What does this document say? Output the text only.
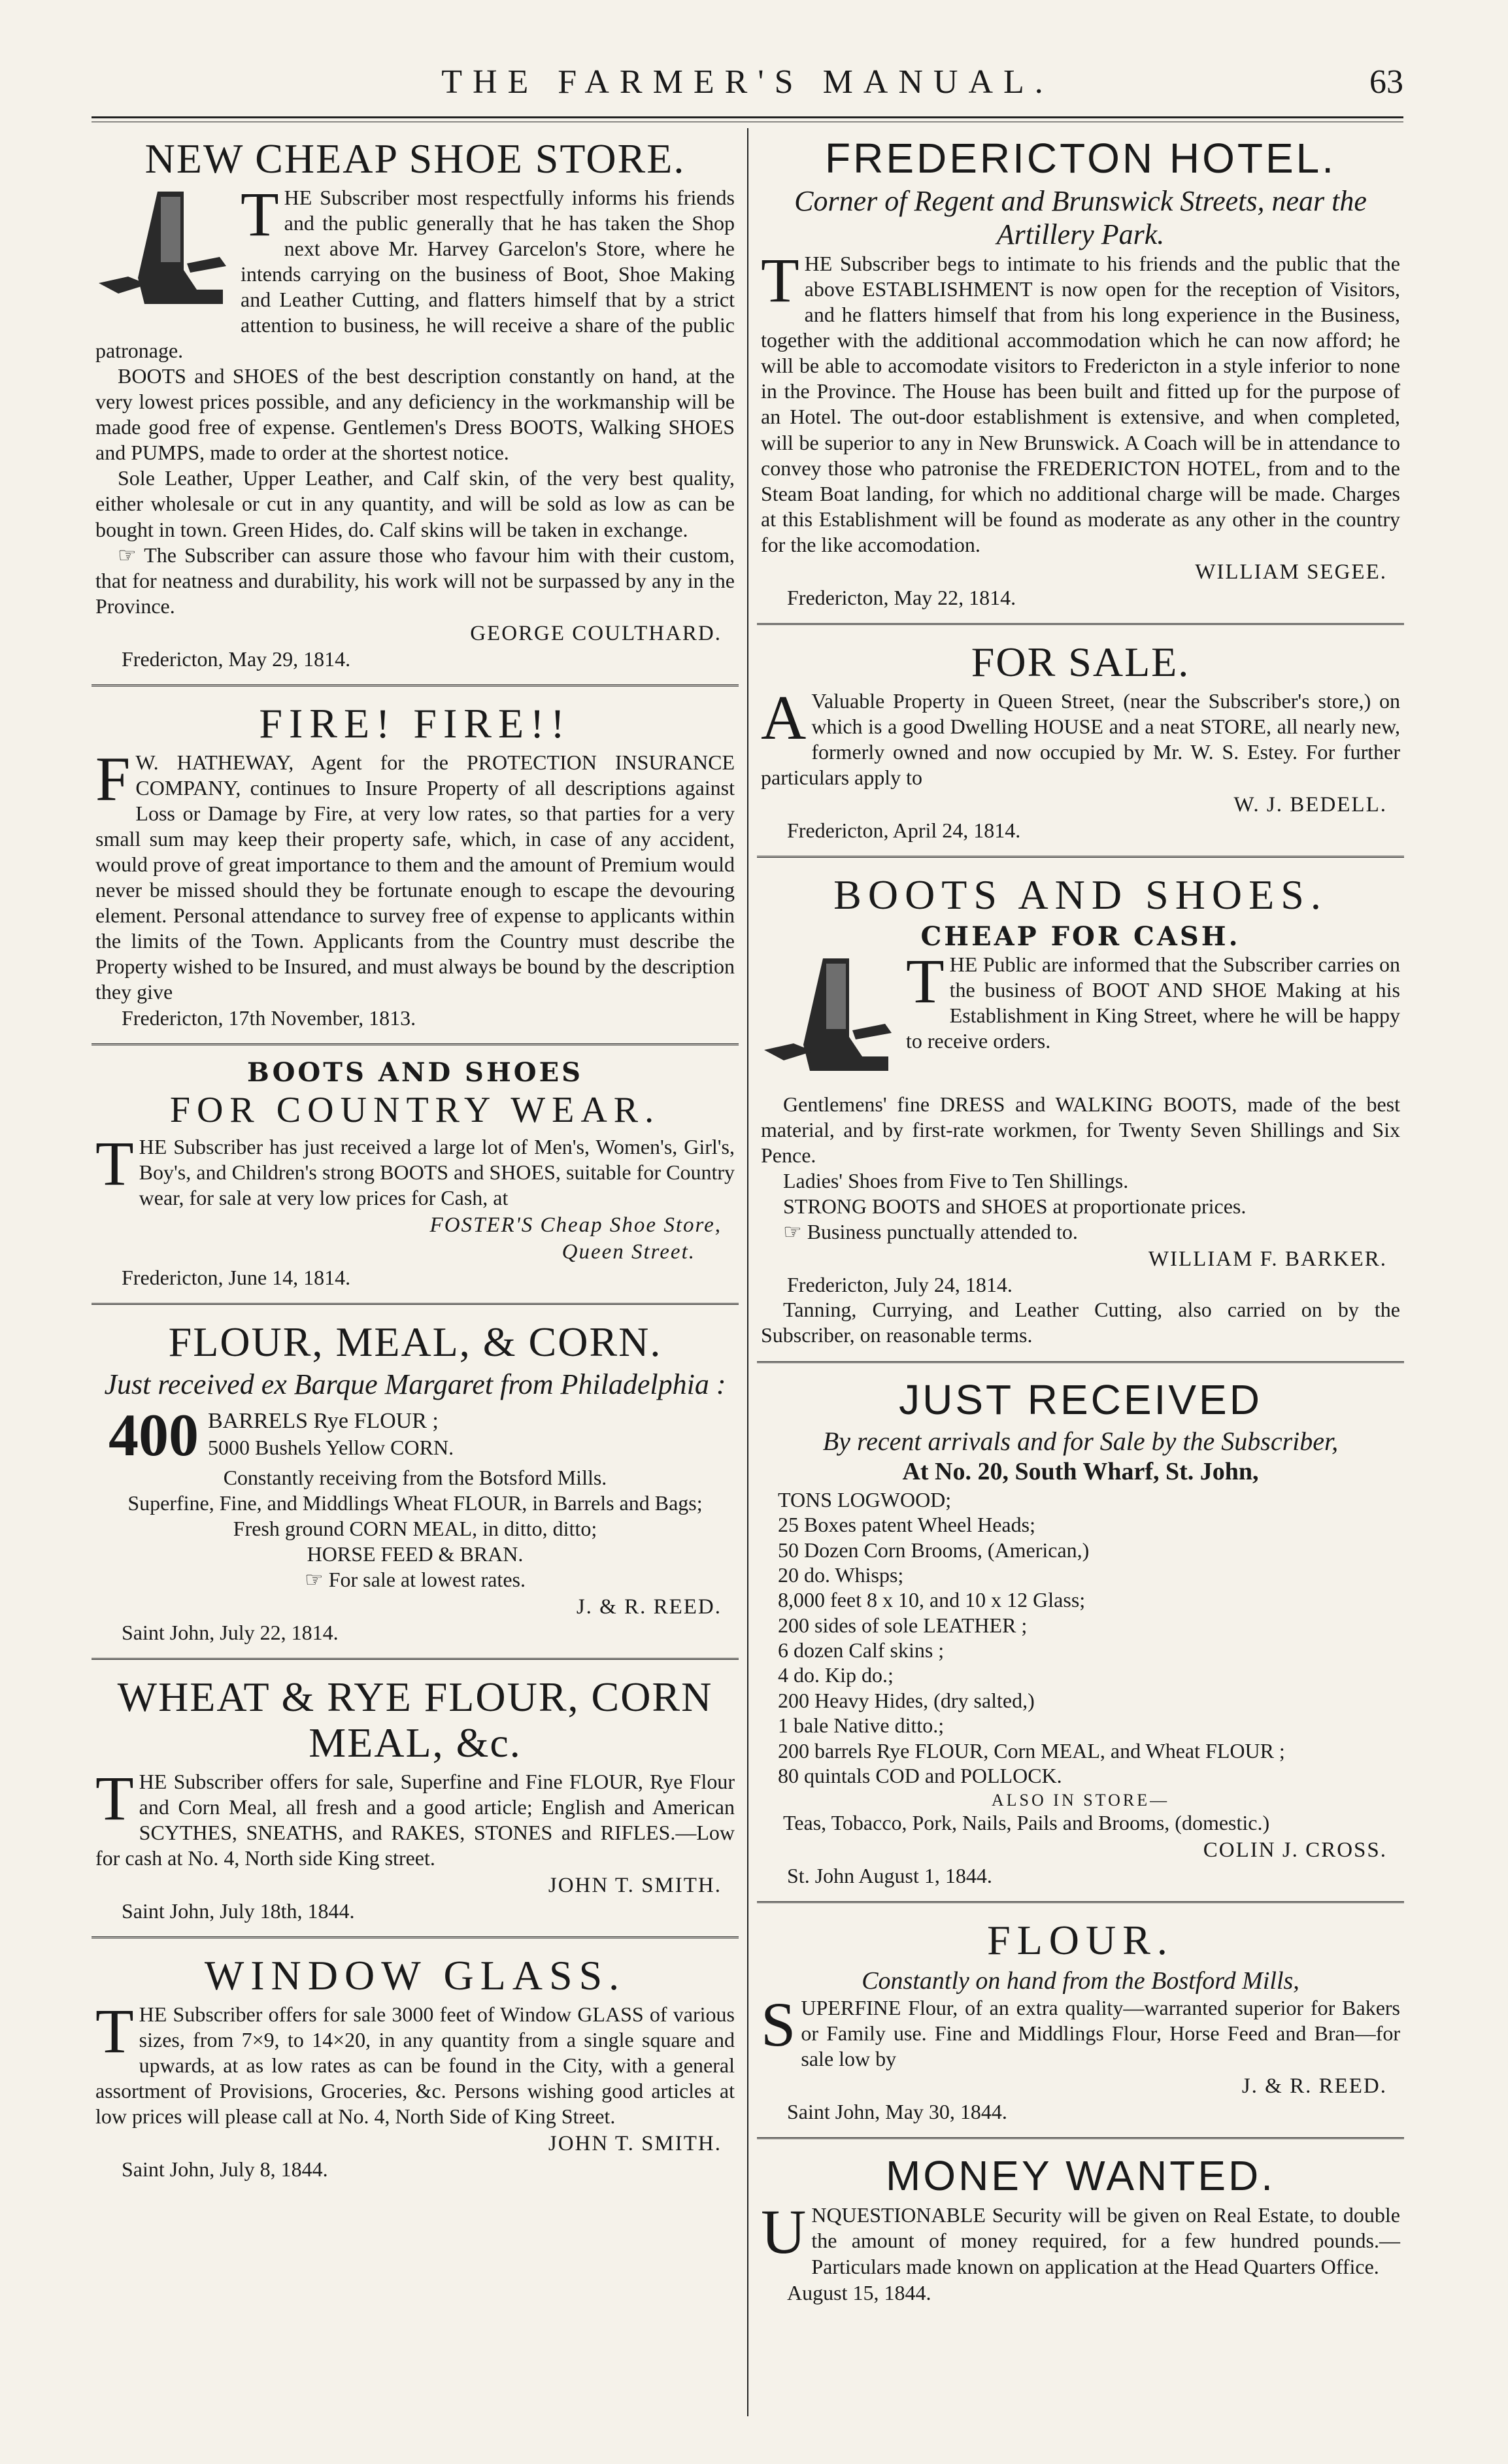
THE FARMER'S MANUAL.	63
NEW CHEAP SHOE STORE.

THE Subscriber most respectfully informs his friends and the public generally that he has taken the Shop next above Mr. Harvey Garcelon's Store, where he intends carrying on the business of Boot, Shoe Making and Leather Cutting, and flatters himself that by a strict attention to business, he will receive a share of the public patronage.

BOOTS and SHOES of the best description constantly on hand, at the very lowest prices possible, and any deficiency in the workmanship will be made good free of expense. Gentlemen's Dress BOOTS, Walking SHOES and PUMPS, made to order at the shortest notice.

Sole Leather, Upper Leather, and Calf skin, of the very best quality, either wholesale or cut in any quantity, and will be sold as low as can be bought in town. Green Hides, do. Calf skins will be taken in exchange.

☞ The Subscriber can assure those who favour him with their custom, that for neatness and durability, his work will not be surpassed by any in the Province.

GEORGE COULTHARD.
Fredericton, May 29, 1814.
FIRE! FIRE!!

F W. HATHEWAY, Agent for the PROTECTION INSURANCE COMPANY, continues to Insure Property of all descriptions against Loss or Damage by Fire, at very low rates, so that parties for a very small sum may keep their property safe, which, in case of any accident, would prove of great importance to them and the amount of Premium would never be missed should they be fortunate enough to escape the devouring element. Personal attendance to survey free of expense to applicants within the limits of the Town. Applicants from the Country must describe the Property wished to be Insured, and must always be bound by the description they give

Fredericton, 17th November, 1813.
BOOTS AND SHOES
FOR COUNTRY WEAR.

THE Subscriber has just received a large lot of Men's, Women's, Girl's, Boy's, and Children's strong BOOTS and SHOES, suitable for Country wear, for sale at very low prices for Cash, at

FOSTER'S Cheap Shoe Store,
Queen Street.
Fredericton, June 14, 1814.
FLOUR, MEAL, & CORN.
Just received ex Barque Margaret from Philadelphia :
400 BARRELS Rye FLOUR ;
5000 Bushels Yellow CORN.
Constantly receiving from the Botsford Mills.
Superfine, Fine, and Middlings Wheat FLOUR, in Barrels and Bags;
Fresh ground CORN MEAL, in ditto, ditto;
HORSE FEED & BRAN.
☞ For sale at lowest rates.
J. & R. REED.
Saint John, July 22, 1814.
WHEAT & RYE FLOUR, CORN MEAL, &c.

THE Subscriber offers for sale, Superfine and Fine FLOUR, Rye Flour and Corn Meal, all fresh and a good article; English and American SCYTHES, SNEATHS, and RAKES, STONES and RIFLES.—Low for cash at No. 4, North side King street.

JOHN T. SMITH.
Saint John, July 18th, 1844.
WINDOW GLASS.

THE Subscriber offers for sale 3000 feet of Window GLASS of various sizes, from 7×9, to 14×20, in any quantity from a single square and upwards, at as low rates as can be found in the City, with a general assortment of Provisions, Groceries, &c. Persons wishing good articles at low prices will please call at No. 4, North Side of King Street.

JOHN T. SMITH.
Saint John, July 8, 1844.
FREDERICTON HOTEL.
Corner of Regent and Brunswick Streets, near the Artillery Park.

THE Subscriber begs to intimate to his friends and the public that the above ESTABLISHMENT is now open for the reception of Visitors, and he flatters himself that from his long experience in the Business, together with the additional accommodation which he can now afford; he will be able to accomodate visitors to Fredericton in a style inferior to none in the Province. The House has been built and fitted up for the purpose of an Hotel. The out-door establishment is extensive, and when completed, will be superior to any in New Brunswick. A Coach will be in attendance to convey those who patronise the FREDERICTON HOTEL, from and to the Steam Boat landing, for which no additional charge will be made. Charges at this Establishment will be found as moderate as any other in the country for the like accomodation.

WILLIAM SEGEE.
Fredericton, May 22, 1814.
FOR SALE.

A Valuable Property in Queen Street, (near the Subscriber's store,) on which is a good Dwelling HOUSE and a neat STORE, all nearly new, formerly owned and now occupied by Mr. W. S. Estey. For further particulars apply to

W. J. BEDELL.
Fredericton, April 24, 1814.
BOOTS AND SHOES.
CHEAP FOR CASH.

THE Public are informed that the Subscriber carries on the business of BOOT AND SHOE Making at his Establishment in King Street, where he will be happy to receive orders.

Gentlemens' fine DRESS and WALKING BOOTS, made of the best material, and by first-rate workmen, for Twenty Seven Shillings and Six Pence.

Ladies' Shoes from Five to Ten Shillings.

STRONG BOOTS and SHOES at proportionate prices.

☞ Business punctually attended to.

WILLIAM F. BARKER.
Fredericton, July 24, 1814.

Tanning, Currying, and Leather Cutting, also carried on by the Subscriber, on reasonable terms.

JUST RECEIVED
By recent arrivals and for Sale by the Subscriber,
At No. 20, South Wharf, St. John,
TONS LOGWOOD;
25 Boxes patent Wheel Heads;
50 Dozen Corn Brooms, (American,)
20 do. Whisps;
8,000 feet 8 x 10, and 10 x 12 Glass;
200 sides of sole LEATHER ;
6 dozen Calf skins ;
4 do. Kip do.;
200 Heavy Hides, (dry salted,)
1 bale Native ditto.;
200 barrels Rye FLOUR, Corn MEAL, and Wheat FLOUR ;
80 quintals COD and POLLOCK.
ALSO IN STORE—

Teas, Tobacco, Pork, Nails, Pails and Brooms, (domestic.)

COLIN J. CROSS.
St. John August 1, 1844.
FLOUR.
Constantly on hand from the Bostford Mills,

SUPERFINE Flour, of an extra quality—warranted superior for Bakers or Family use. Fine and Middlings Flour, Horse Feed and Bran—for sale low by

J. & R. REED.
Saint John, May 30, 1844.
MONEY WANTED.

UNQUESTIONABLE Security will be given on Real Estate, to double the amount of money required, for a few hundred pounds.—Particulars made known on application at the Head Quarters Office.

August 15, 1844.
